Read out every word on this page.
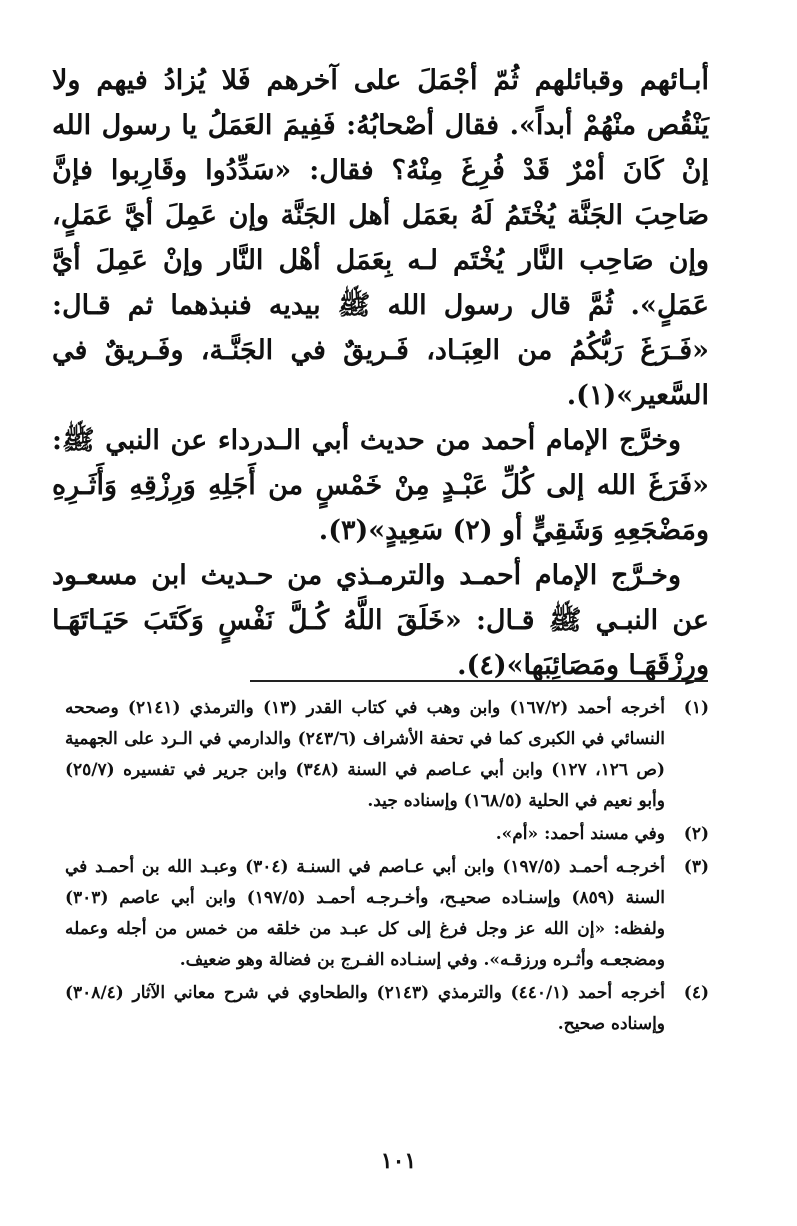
أبـائهم وقبائلهم ثُمّ أجْمَلَ على آخرهم فَلا يُزادُ فيهم ولا يَنْقُص منْهُمْ أبداً». فقال أصْحابُهُ: فَفِيمَ العَمَلُ يا رسول الله إنْ كَانَ أمْرٌ قَدْ فُرِغَ مِنْهُ؟ فقال: «سَدِّدُوا وقَارِبوا فإنَّ صَاحِبَ الجَنَّة يُخْتَمُ لَهُ بعَمَل أهل الجَنَّة وإن عَمِلَ أيَّ عَمَلٍ، وإن صَاحِب النَّار يُخْتَم لـه بِعَمَل أهْل النَّار وإنْ عَمِلَ أيَّ عَمَلٍ». ثُمَّ قال رسول الله ﷺ بيديه فنبذهما ثم قـال: «فَـرَغَ رَبُّكُمُ من العِبَـاد، فَـريقٌ في الجَنَّـة، وفَـريقٌ في السَّعير»(١).

وخرَّج الإمام أحمد من حديث أبي الـدرداء عن النبي ﷺ: «فَرَغَ الله إلى كُلِّ عَبْـدٍ مِنْ خَمْسٍ من أَجَلِهِ وَرِزْقِهِ وَأَثَـرِهِ ومَضْجَعِهِ وَشَقِيٍّ أو (٢) سَعِيدٍ»(٣).

وخـرَّج الإمام أحمـد والترمـذي من حـديث ابن مسعـود عن النبـي ﷺ قـال: «خَلَقَ اللَّهُ كُـلَّ نَفْسٍ وَكَتَبَ حَيَـاتَهَـا ورِزْقَهَـا ومَصَائِبَها»(٤).

(١)
أخرجه أحمد (١٦٧/٢) وابن وهب في كتاب القدر (١٣) والترمذي (٢١٤١) وصححه النسائي في الكبرى كما في تحفة الأشراف (٢٤٣/٦) والدارمي في الـرد على الجهمية (ص ١٢٦، ١٢٧) وابن أبي عـاصم في السنة (٣٤٨) وابن جرير في تفسيره (٢٥/٧) وأبو نعيم في الحلية (١٦٨/٥) وإسناده جيد.
(٢)
وفي مسند أحمد: «أم».
(٣)
أخرجـه أحمـد (١٩٧/٥) وابن أبي عـاصم في السنـة (٣٠٤) وعبـد الله بن أحمـد في السنة (٨٥٩) وإسنـاده صحيـح، وأخـرجـه أحمـد (١٩٧/٥) وابن أبي عاصم (٣٠٣) ولفظه: «إن الله عز وجل فرغ إلى كل عبـد من خلقه من خمس من أجله وعمله ومضجعـه وأثـره ورزقـه». وفي إسنـاده الفـرج بن فضالة وهو ضعيف.
(٤)
أخرجه أحمد (٤٤٠/١) والترمذي (٢١٤٣) والطحاوي في شرح معاني الآثار (٣٠٨/٤) وإسناده صحيح.
١٠١
